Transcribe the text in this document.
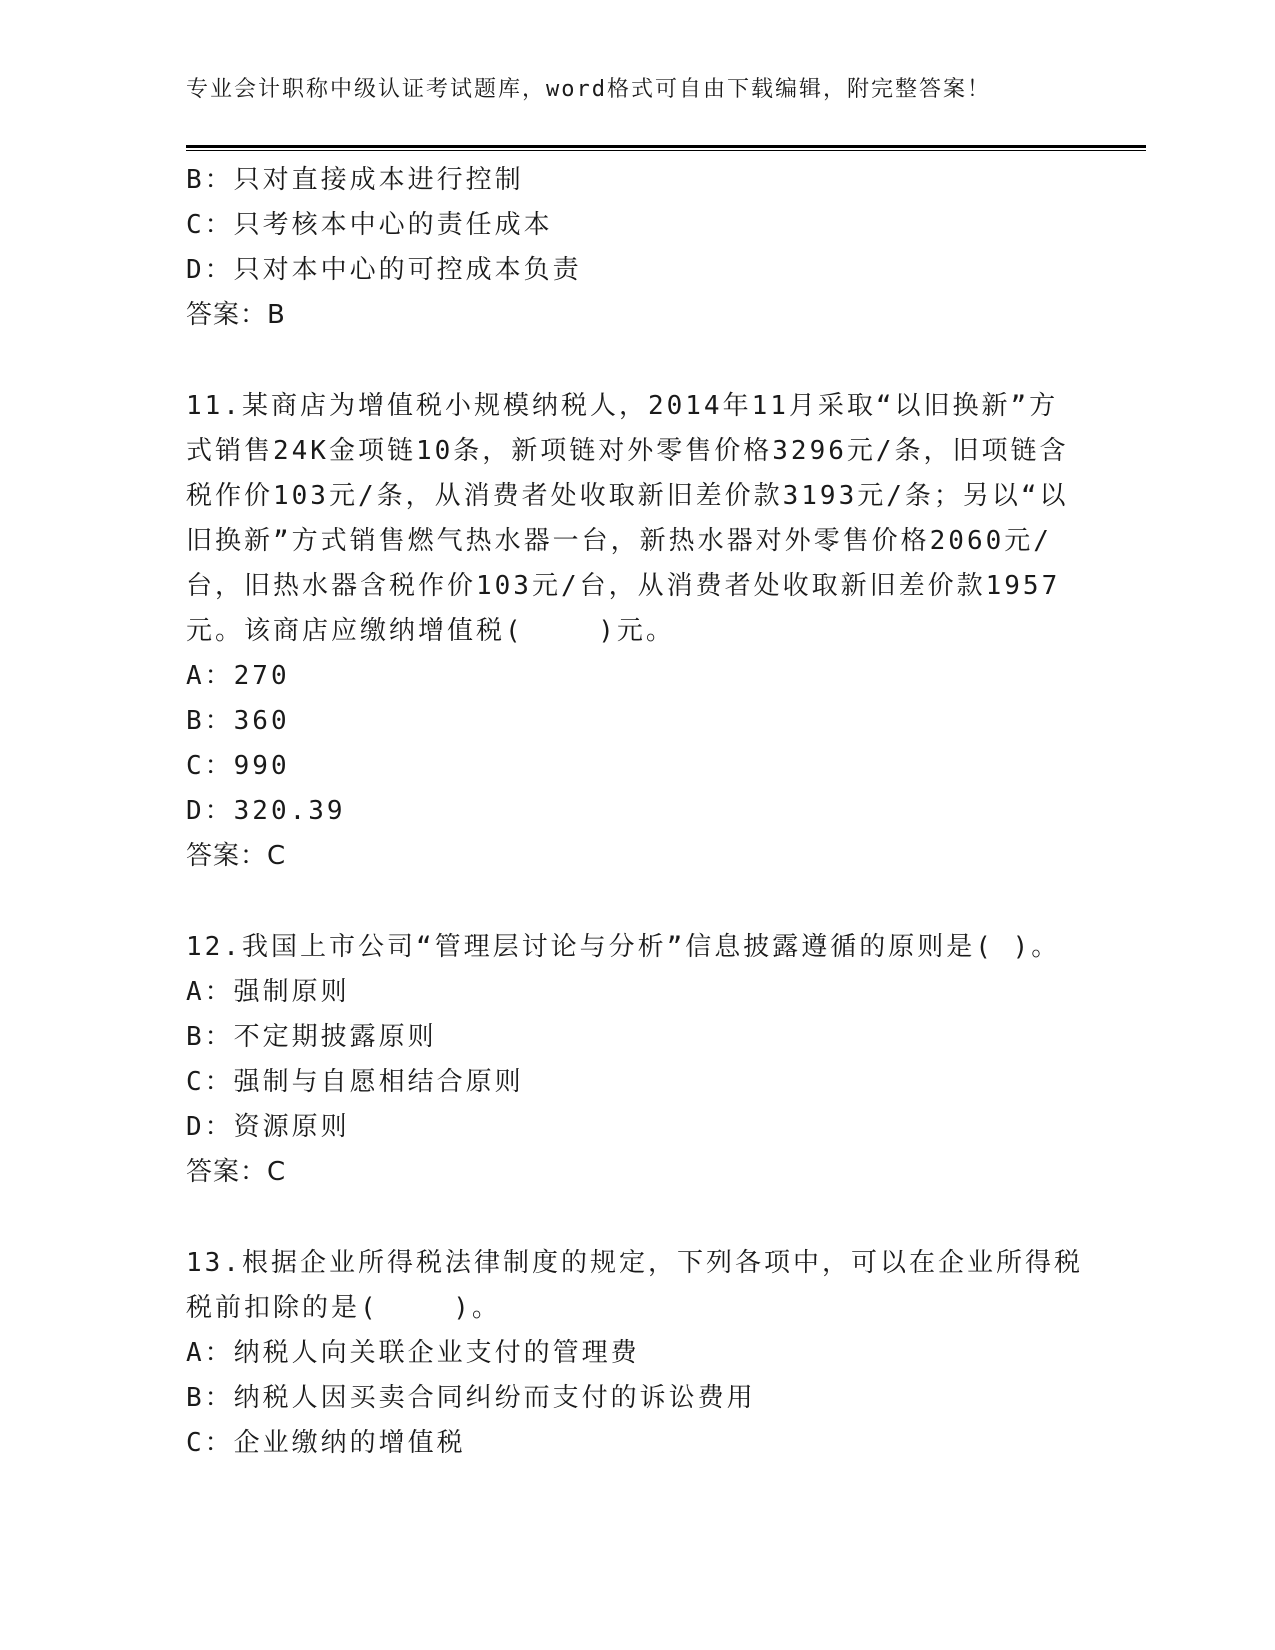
专业会计职称中级认证考试题库，word格式可自由下载编辑，附完整答案！
B：只对直接成本进行控制
C：只考核本中心的责任成本
D：只对本中心的可控成本负责
答案：B
11.某商店为增值税小规模纳税人，2014年11月采取“以旧换新”方
式销售24K金项链10条，新项链对外零售价格3296元/条，旧项链含
税作价103元/条，从消费者处收取新旧差价款3193元/条；另以“以
旧换新”方式销售燃气热水器一台，新热水器对外零售价格2060元/
台，旧热水器含税作价103元/台，从消费者处收取新旧差价款1957
元。该商店应缴纳增值税(    )元。
A：270
B：360
C：990
D：320.39
答案：C
12.我国上市公司“管理层讨论与分析”信息披露遵循的原则是( )。
A：强制原则
B：不定期披露原则
C：强制与自愿相结合原则
D：资源原则
答案：C
13.根据企业所得税法律制度的规定，下列各项中，可以在企业所得税
税前扣除的是(    )。
A：纳税人向关联企业支付的管理费
B：纳税人因买卖合同纠纷而支付的诉讼费用
C：企业缴纳的增值税
